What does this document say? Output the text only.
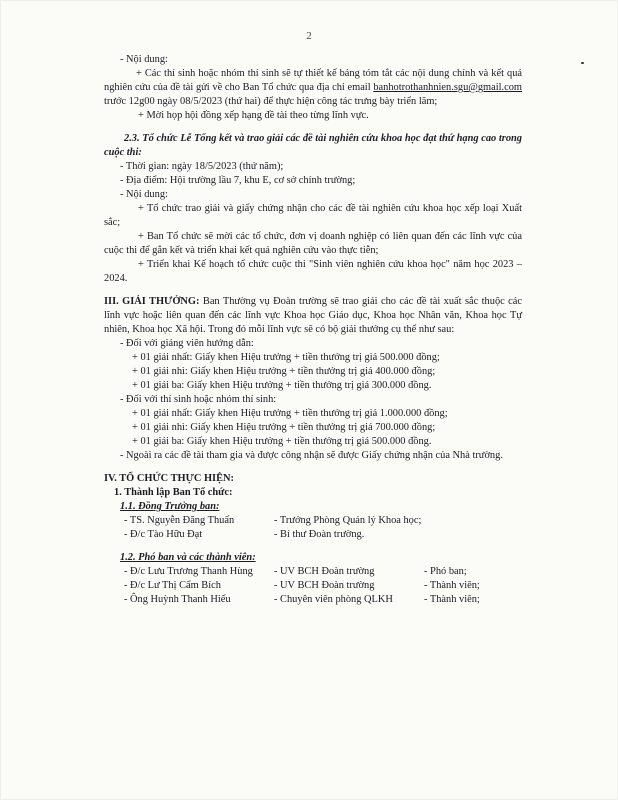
2

- Nội dung:

+ Các thí sinh hoặc nhóm thí sinh sẽ tự thiết kế bảng tóm tắt các nội dung chính và kết quả nghiên cứu của đề tài gửi về cho Ban Tổ chức qua địa chỉ email banhotrothanhnien.sgu@gmail.com trước 12g00 ngày 08/5/2023 (thứ hai) để thực hiện công tác trưng bày triển lãm;

+ Mời họp hội đồng xếp hạng đề tài theo từng lĩnh vực.

2.3. Tổ chức Lễ Tổng kết và trao giải các đề tài nghiên cứu khoa học đạt thứ hạng cao trong cuộc thi:

- Thời gian: ngày 18/5/2023 (thứ năm);

- Địa điểm: Hội trường lầu 7, khu E, cơ sở chính trường;

- Nội dung:

+ Tổ chức trao giải và giấy chứng nhận cho các đề tài nghiên cứu khoa học xếp loại Xuất sắc;

+ Ban Tổ chức sẽ mời các tổ chức, đơn vị doanh nghiệp có liên quan đến các lĩnh vực của cuộc thi để gắn kết và triển khai kết quả nghiên cứu vào thực tiễn;

+ Triển khai Kế hoạch tổ chức cuộc thi "Sinh viên nghiên cứu khoa học" năm học 2023 – 2024.

III. GIẢI THƯỞNG: Ban Thường vụ Đoàn trường sẽ trao giải cho các đề tài xuất sắc thuộc các lĩnh vực hoặc liên quan đến các lĩnh vực Khoa học Giáo dục, Khoa học Nhân văn, Khoa học Tự nhiên, Khoa học Xã hội. Trong đó mỗi lĩnh vực sẽ có bộ giải thưởng cụ thể như sau:

- Đối với giảng viên hướng dẫn:

+ 01 giải nhất: Giấy khen Hiệu trưởng + tiền thưởng trị giá 500.000 đồng;

+ 01 giải nhì: Giấy khen Hiệu trưởng + tiền thưởng trị giá 400.000 đồng;

+ 01 giải ba: Giấy khen Hiệu trưởng + tiền thưởng trị giá 300.000 đồng.

- Đối với thí sinh hoặc nhóm thí sinh:

+ 01 giải nhất: Giấy khen Hiệu trưởng + tiền thưởng trị giá 1.000.000 đồng;

+ 01 giải nhì: Giấy khen Hiệu trưởng + tiền thưởng trị giá 700.000 đồng;

+ 01 giải ba: Giấy khen Hiệu trưởng + tiền thưởng trị giá 500.000 đồng.

- Ngoài ra các đề tài tham gia và được công nhận sẽ được Giấy chứng nhận của Nhà trường.

IV. TỔ CHỨC THỰC HIỆN:

1. Thành lập Ban Tổ chức:

1.1. Đồng Trưởng ban:

- TS. Nguyễn Đăng Thuấn	- Trưởng Phòng Quản lý Khoa học;
- Đ/c Tào Hữu Đạt	- Bí thư Đoàn trường.

1.2. Phó ban và các thành viên:

- Đ/c Lưu Trương Thanh Hùng	- UV BCH Đoàn trường	- Phó ban;
- Đ/c Lư Thị Cẩm Bích	- UV BCH Đoàn trường	- Thành viên;
- Ông Huỳnh Thanh Hiếu	- Chuyên viên phòng QLKH	- Thành viên;
